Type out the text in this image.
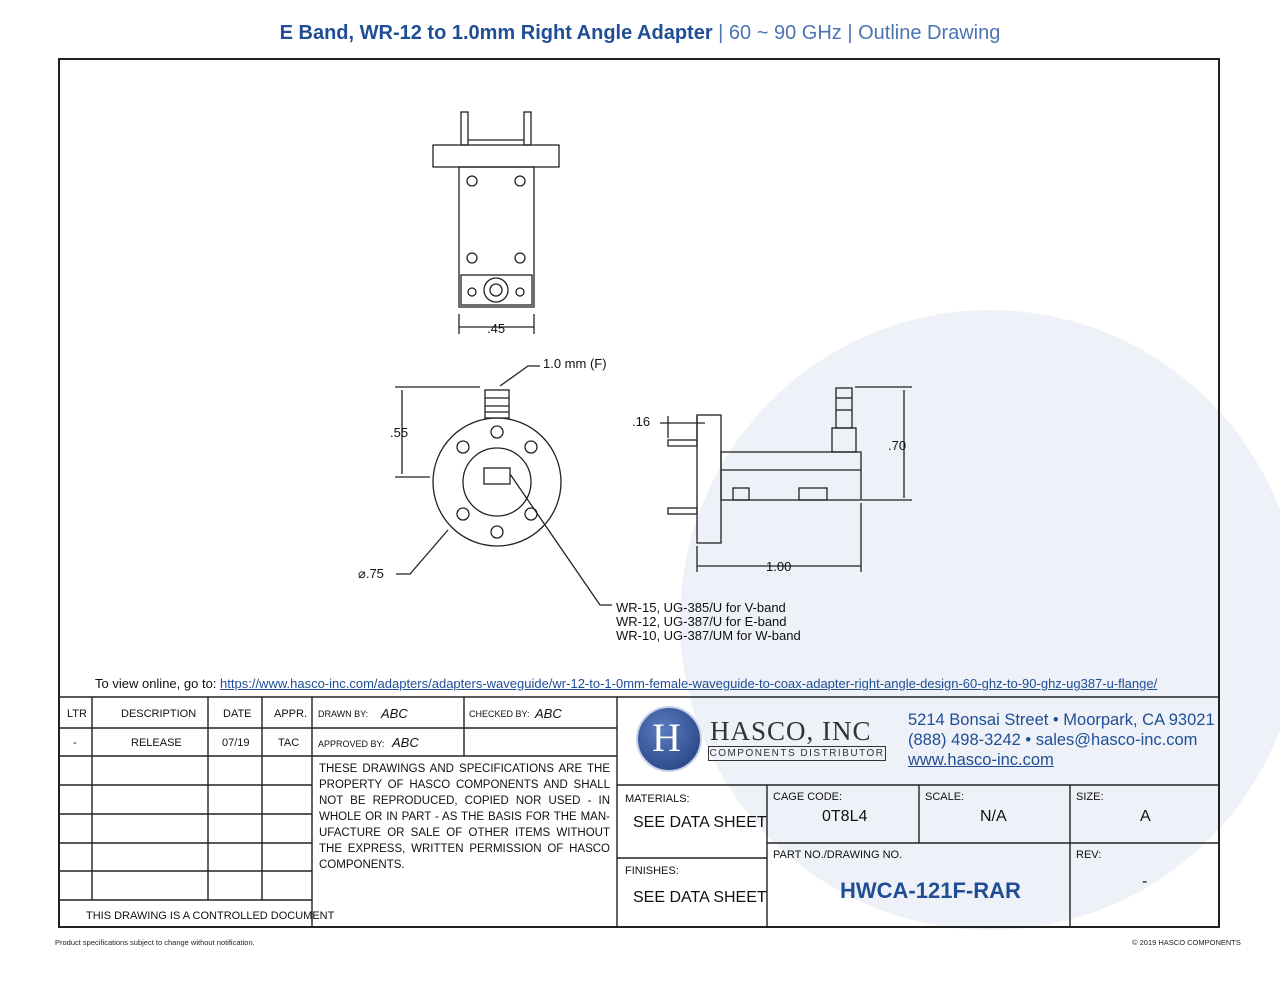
E Band, WR-12 to 1.0mm Right Angle Adapter | 60 ~ 90 GHz | Outline Drawing
.45
1.0 mm (F)
.55
⌀.75
.16
.70
1.00
WR-15, UG-385/U for V-band
WR-12, UG-387/U for E-band
WR-10, UG-387/UM for W-band
To view online, go to: https://www.hasco-inc.com/adapters/adapters-waveguide/wr-12-to-1-0mm-female-waveguide-to-coax-adapter-right-angle-design-60-ghz-to-90-ghz-ug387-u-flange/
LTR	DESCRIPTION DATE APPR.
-	RELEASE	07/19	TAC
THIS DRAWING IS A CONTROLLED DOCUMENT
DRAWN BY: ABC	CHECKED BY: ABC
APPROVED BY: ABC
THESE DRAWINGS AND SPECIFICATIONS ARE THE PROPERTY OF HASCO COMPONENTS AND SHALL NOT BE REPRODUCED, COPIED NOR USED - IN WHOLE OR IN PART - AS THE BASIS FOR THE MAN- UFACTURE OR SALE OF OTHER ITEMS WITHOUT THE EXPRESS, WRITTEN PERMISSION OF HASCO COMPONENTS.
H HASCO, INC
COMPONENTS DISTRIBUTOR
5214 Bonsai Street • Moorpark, CA 93021
(888) 498-3242 • sales@hasco-inc.com
www.hasco-inc.com
MATERIALS:
SEE DATA SHEET
FINISHES:
SEE DATA SHEET
CAGE CODE:
0T8L4
SCALE:
N/A
SIZE:
A
PART NO./DRAWING NO.
HWCA-121F-RAR
REV:
-
Product specifications subject to change without notification.	© 2019 HASCO COMPONENTS
